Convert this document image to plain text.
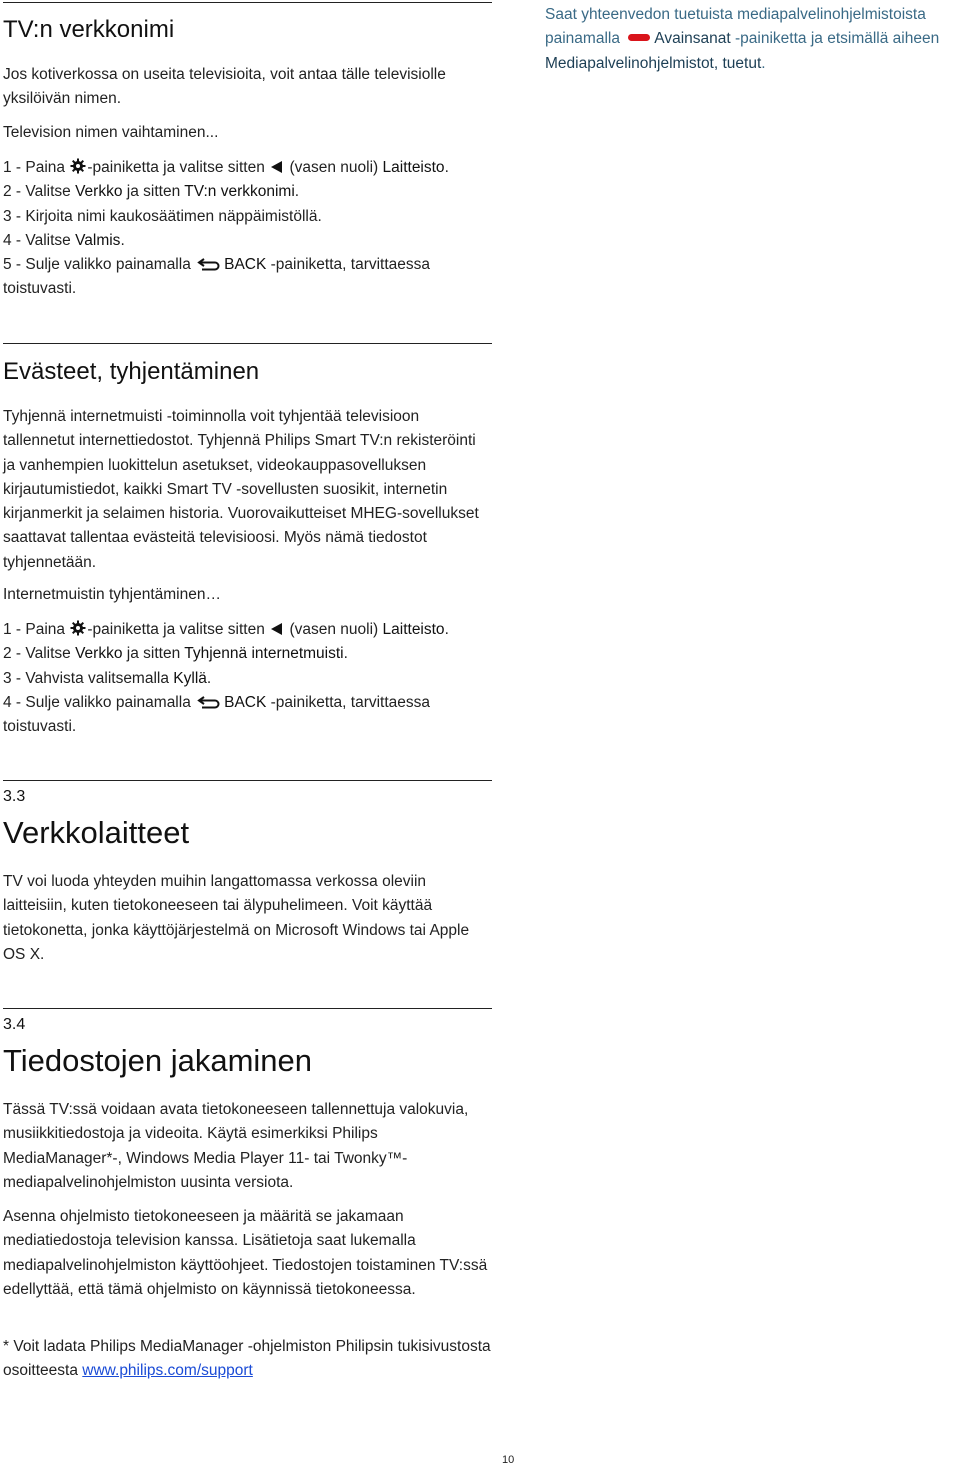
TV:n verkkonimi

Jos kotiverkossa on useita televisioita, voit antaa tälle televisiolle yksilöivän nimen.

Television nimen vaihtaminen...

1 - Paina -painiketta ja valitse sitten  (vasen nuoli) Laitteisto.
2 - Valitse Verkko ja sitten TV:n verkkonimi.
3 - Kirjoita nimi kaukosäätimen näppäimistöllä.
4 - Valitse Valmis.
5 - Sulje valikko painamalla BACK -painiketta, tarvittaessa toistuvasti.
Evästeet, tyhjentäminen

Tyhjennä internetmuisti -toiminnolla voit tyhjentää televisioon tallennetut internettiedostot. Tyhjennä Philips Smart TV:n rekisteröinti ja vanhempien luokittelun asetukset, videokauppasovelluksen kirjautumistiedot, kaikki Smart TV -sovellusten suosikit, internetin kirjanmerkit ja selaimen historia. Vuorovaikutteiset MHEG-sovellukset saattavat tallentaa evästeitä televisioosi. Myös nämä tiedostot tyhjennetään.

Internetmuistin tyhjentäminen…

1 - Paina -painiketta ja valitse sitten  (vasen nuoli) Laitteisto.
2 - Valitse Verkko ja sitten Tyhjennä internetmuisti.
3 - Vahvista valitsemalla Kyllä.
4 - Sulje valikko painamalla BACK -painiketta, tarvittaessa toistuvasti.
3.3
Verkkolaitteet

TV voi luoda yhteyden muihin langattomassa verkossa oleviin laitteisiin, kuten tietokoneeseen tai älypuhelimeen. Voit käyttää tietokonetta, jonka käyttöjärjestelmä on Microsoft Windows tai Apple OS X.

3.4
Tiedostojen jakaminen

Tässä TV:ssä voidaan avata tietokoneeseen tallennettuja valokuvia, musiikkitiedostoja ja videoita. Käytä esimerkiksi Philips MediaManager*-, Windows Media Player 11- tai Twonky™-mediapalvelinohjelmiston uusinta versiota.

Asenna ohjelmisto tietokoneeseen ja määritä se jakamaan mediatiedostoja television kanssa. Lisätietoja saat lukemalla mediapalvelinohjelmiston käyttöohjeet. Tiedostojen toistaminen TV:ssä edellyttää, että tämä ohjelmisto on käynnissä tietokoneessa.

* Voit ladata Philips MediaManager -ohjelmiston Philipsin tukisivustosta osoitteesta www.philips.com/support

Saat yhteenvedon tuetuista mediapalvelinohjelmistoista painamalla Avainsanat -painiketta ja etsimällä aiheen Mediapalvelinohjelmistot, tuetut.

10
